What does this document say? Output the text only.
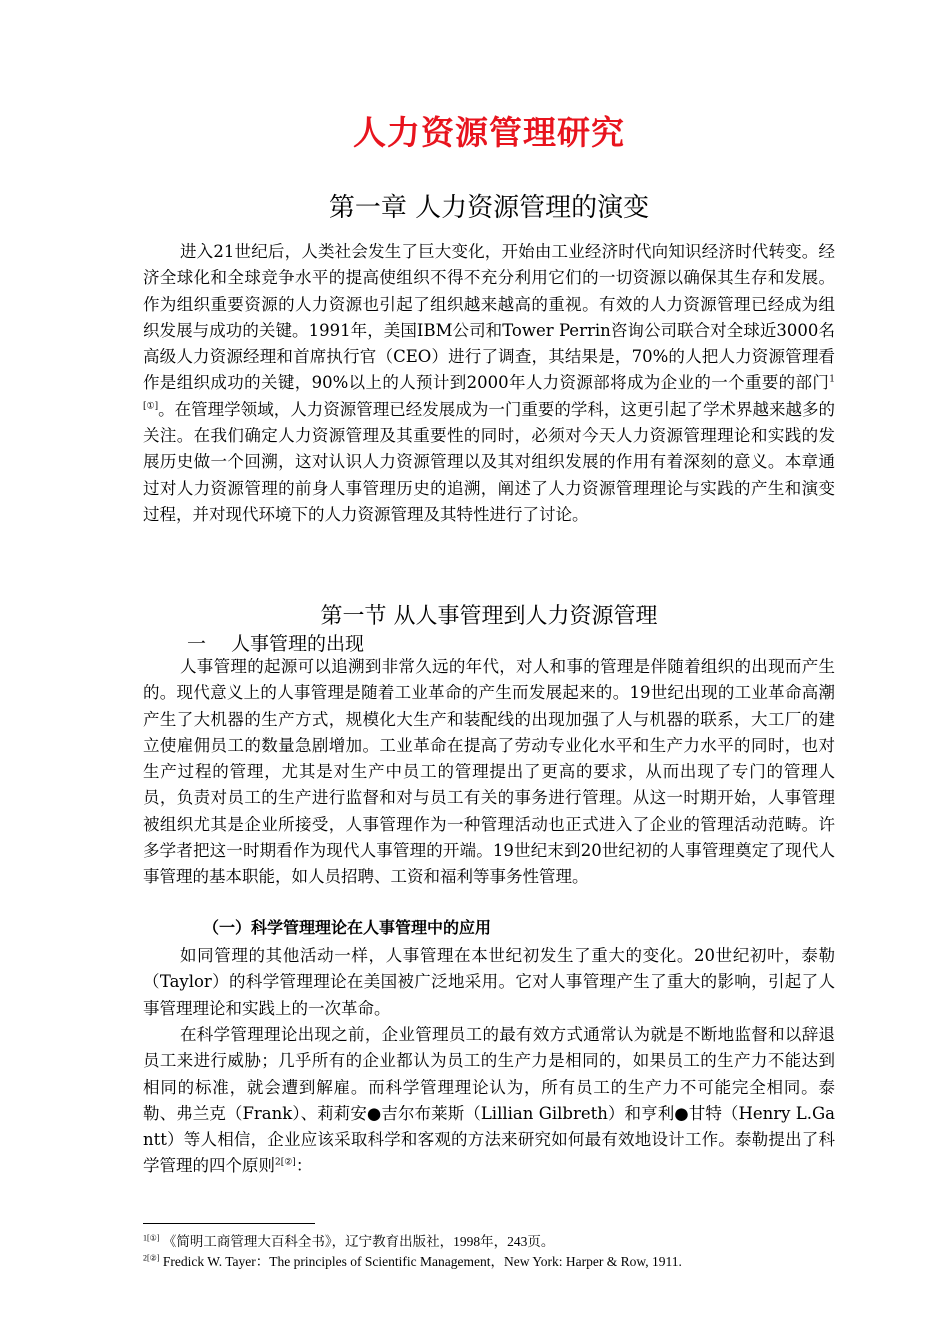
人力资源管理研究
第一章 人力资源管理的演变

进入21世纪后，人类社会发生了巨大变化，开始由工业经济时代向知识经济时代转变。经济全球化和全球竞争水平的提高使组织不得不充分利用它们的一切资源以确保其生存和发展。作为组织重要资源的人力资源也引起了组织越来越高的重视。有效的人力资源管理已经成为组织发展与成功的关键。1991年，美国IBM公司和Tower Perrin咨询公司联合对全球近3000名高级人力资源经理和首席执行官（CEO）进行了调查，其结果是，70%的人把人力资源管理看作是组织成功的关键，90%以上的人预计到2000年人力资源部将成为企业的一个重要的部门$^{1[①]}$。在管理学领域，人力资源管理已经发展成为一门重要的学科，这更引起了学术界越来越多的关注。在我们确定人力资源管理及其重要性的同时，必须对今天人力资源管理理论和实践的发展历史做一个回溯，这对认识人力资源管理以及其对组织发展的作用有着深刻的意义。本章通过对人力资源管理的前身人事管理历史的追溯，阐述了人力资源管理理论与实践的产生和演变过程，并对现代环境下的人力资源管理及其特性进行了讨论。

第一节 从人事管理到人力资源管理
一 人事管理的出现

人事管理的起源可以追溯到非常久远的年代，对人和事的管理是伴随着组织的出现而产生的。现代意义上的人事管理是随着工业革命的产生而发展起来的。19世纪出现的工业革命高潮产生了大机器的生产方式，规模化大生产和装配线的出现加强了人与机器的联系，大工厂的建立使雇佣员工的数量急剧增加。工业革命在提高了劳动专业化水平和生产力水平的同时，也对生产过程的管理，尤其是对生产中员工的管理提出了更高的要求，从而出现了专门的管理人员，负责对员工的生产进行监督和对与员工有关的事务进行管理。从这一时期开始，人事管理被组织尤其是企业所接受，人事管理作为一种管理活动也正式进入了企业的管理活动范畴。许多学者把这一时期看作为现代人事管理的开端。19世纪末到20世纪初的人事管理奠定了现代人事管理的基本职能，如人员招聘、工资和福利等事务性管理。

（一）科学管理理论在人事管理中的应用

如同管理的其他活动一样，人事管理在本世纪初发生了重大的变化。20世纪初叶，泰勒（Taylor）的科学管理理论在美国被广泛地采用。它对人事管理产生了重大的影响，引起了人事管理理论和实践上的一次革命。

在科学管理理论出现之前，企业管理员工的最有效方式通常认为就是不断地监督和以辞退员工来进行威胁；几乎所有的企业都认为员工的生产力是相同的，如果员工的生产力不能达到相同的标准，就会遭到解雇。而科学管理理论认为，所有员工的生产力不可能完全相同。泰勒、弗兰克（Frank）、莉莉安●吉尔布莱斯（Lillian Gilbreth）和亨利●甘特（Henry L.Gantt）等人相信，企业应该采取科学和客观的方法来研究如何最有效地设计工作。泰勒提出了科学管理的四个原则$^{2[②]}$：

$^{1[①]}$ 《简明工商管理大百科全书》，辽宁教育出版社，1998年，243页。
$^{2[②]}$ Fredick W. Tayer：The principles of Scientific Management，New York: Harper & Row, 1911.
